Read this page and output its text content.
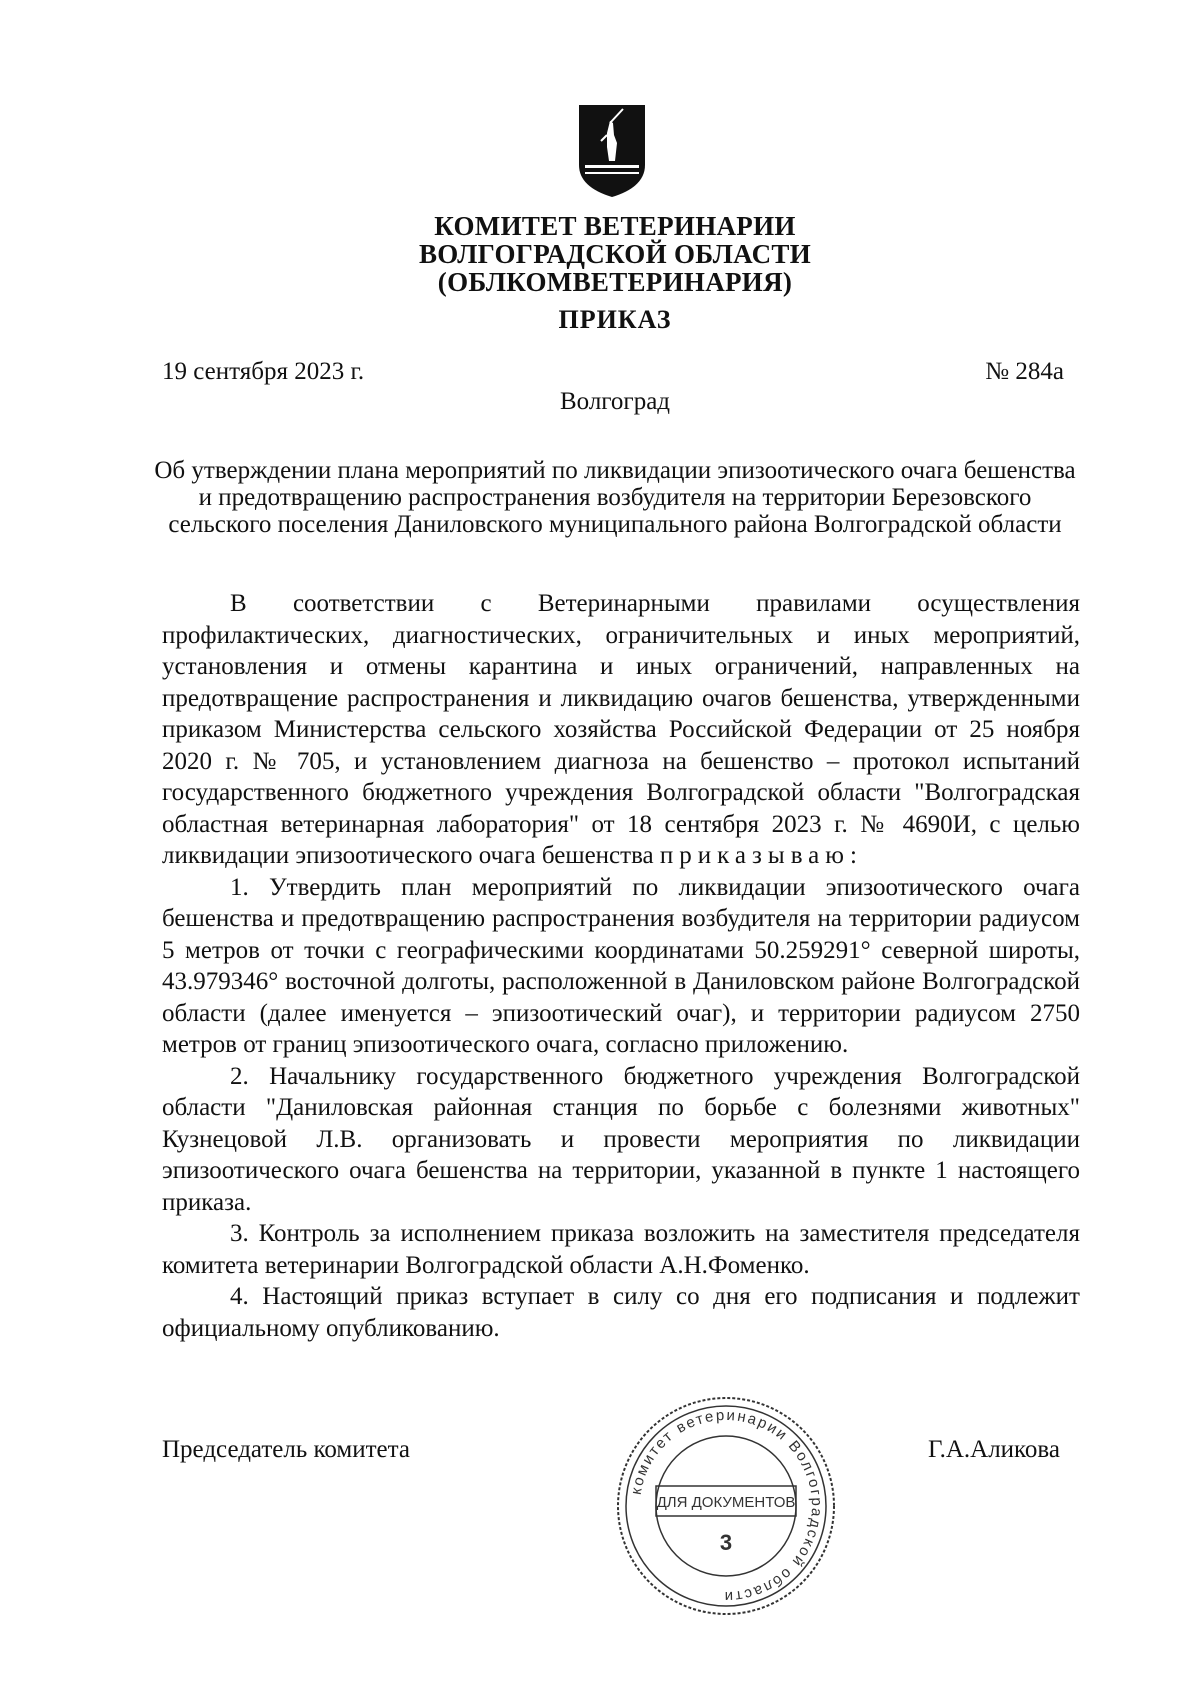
КОМИТЕТ ВЕТЕРИНАРИИ
ВОЛГОГРАДСКОЙ ОБЛАСТИ
(ОБЛКОМВЕТЕРИНАРИЯ)
ПРИКАЗ
19 сентября 2023 г.	№ 284а
Волгоград
Об утверждении плана мероприятий по ликвидации эпизоотического очага бешенства и предотвращению распространения возбудителя на территории Березовского сельского поселения Даниловского муниципального района Волгоградской области

В соответствии с Ветеринарными правилами осуществления профилактических, диагностических, ограничительных и иных мероприятий, установления и отмены карантина и иных ограничений, направленных на предотвращение распространения и ликвидацию очагов бешенства, утвержденными приказом Министерства сельского хозяйства Российской Федерации от 25 ноября 2020 г. № 705, и установлением диагноза на бешенство – протокол испытаний государственного бюджетного учреждения Волгоградской области "Волгоградская областная ветеринарная лаборатория" от 18 сентября 2023 г. № 4690И, с целью ликвидации эпизоотического очага бешенства приказываю:

1. Утвердить план мероприятий по ликвидации эпизоотического очага бешенства и предотвращению распространения возбудителя на территории радиусом 5 метров от точки с географическими координатами 50.259291° северной широты, 43.979346° восточной долготы, расположенной в Даниловском районе Волгоградской области (далее именуется – эпизоотический очаг), и территории радиусом 2750 метров от границ эпизоотического очага, согласно приложению.

2. Начальнику государственного бюджетного учреждения Волгоградской области "Даниловская районная станция по борьбе с болезнями животных" Кузнецовой Л.В. организовать и провести мероприятия по ликвидации эпизоотического очага бешенства на территории, указанной в пункте 1 настоящего приказа.

3. Контроль за исполнением приказа возложить на заместителя председателя комитета ветеринарии Волгоградской области А.Н.Фоменко.

4. Настоящий приказ вступает в силу со дня его подписания и подлежит официальному опубликованию.

Председатель комитета	Г.А.Аликова
комитет ветеринарии Волгоградской области
ДЛЯ ДОКУМЕНТОВ
3
